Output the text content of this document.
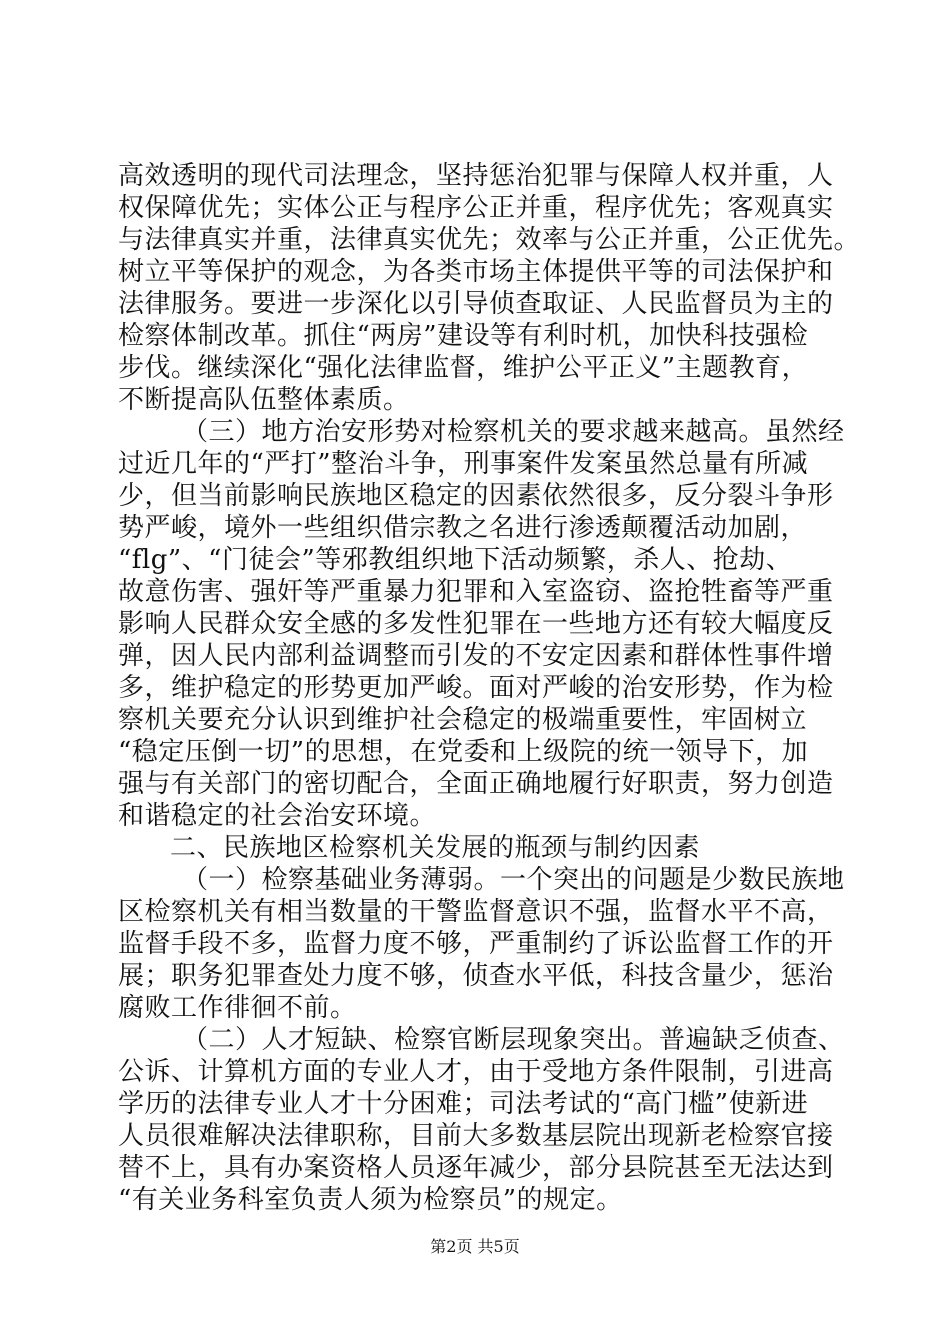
高效透明的现代司法理念，坚持惩治犯罪与保障人权并重，人
权保障优先；实体公正与程序公正并重，程序优先；客观真实
与法律真实并重，法律真实优先；效率与公正并重，公正优先。
树立平等保护的观念，为各类市场主体提供平等的司法保护和
法律服务。要进一步深化以引导侦查取证、人民监督员为主的
检察体制改革。抓住“两房”建设等有利时机，加快科技强检
步伐。继续深化“强化法律监督，维护公平正义”主题教育，
不断提高队伍整体素质。
（三）地方治安形势对检察机关的要求越来越高。虽然经
过近几年的“严打”整治斗争，刑事案件发案虽然总量有所减
少，但当前影响民族地区稳定的因素依然很多，反分裂斗争形
势严峻，境外一些组织借宗教之名进行渗透颠覆活动加剧，
“flg”、“门徒会”等邪教组织地下活动频繁，杀人、抢劫、
故意伤害、强奸等严重暴力犯罪和入室盗窃、盗抢牲畜等严重
影响人民群众安全感的多发性犯罪在一些地方还有较大幅度反
弹，因人民内部利益调整而引发的不安定因素和群体性事件增
多，维护稳定的形势更加严峻。面对严峻的治安形势，作为检
察机关要充分认识到维护社会稳定的极端重要性，牢固树立
“稳定压倒一切”的思想，在党委和上级院的统一领导下，加
强与有关部门的密切配合，全面正确地履行好职责，努力创造
和谐稳定的社会治安环境。
二、民族地区检察机关发展的瓶颈与制约因素
（一）检察基础业务薄弱。一个突出的问题是少数民族地
区检察机关有相当数量的干警监督意识不强，监督水平不高，
监督手段不多，监督力度不够，严重制约了诉讼监督工作的开
展；职务犯罪查处力度不够，侦查水平低，科技含量少，惩治
腐败工作徘徊不前。
（二）人才短缺、检察官断层现象突出。普遍缺乏侦查、
公诉、计算机方面的专业人才，由于受地方条件限制，引进高
学历的法律专业人才十分困难；司法考试的“高门槛”使新进
人员很难解决法律职称，目前大多数基层院出现新老检察官接
替不上，具有办案资格人员逐年减少，部分县院甚至无法达到
“有关业务科室负责人须为检察员”的规定。
第2页 共5页
